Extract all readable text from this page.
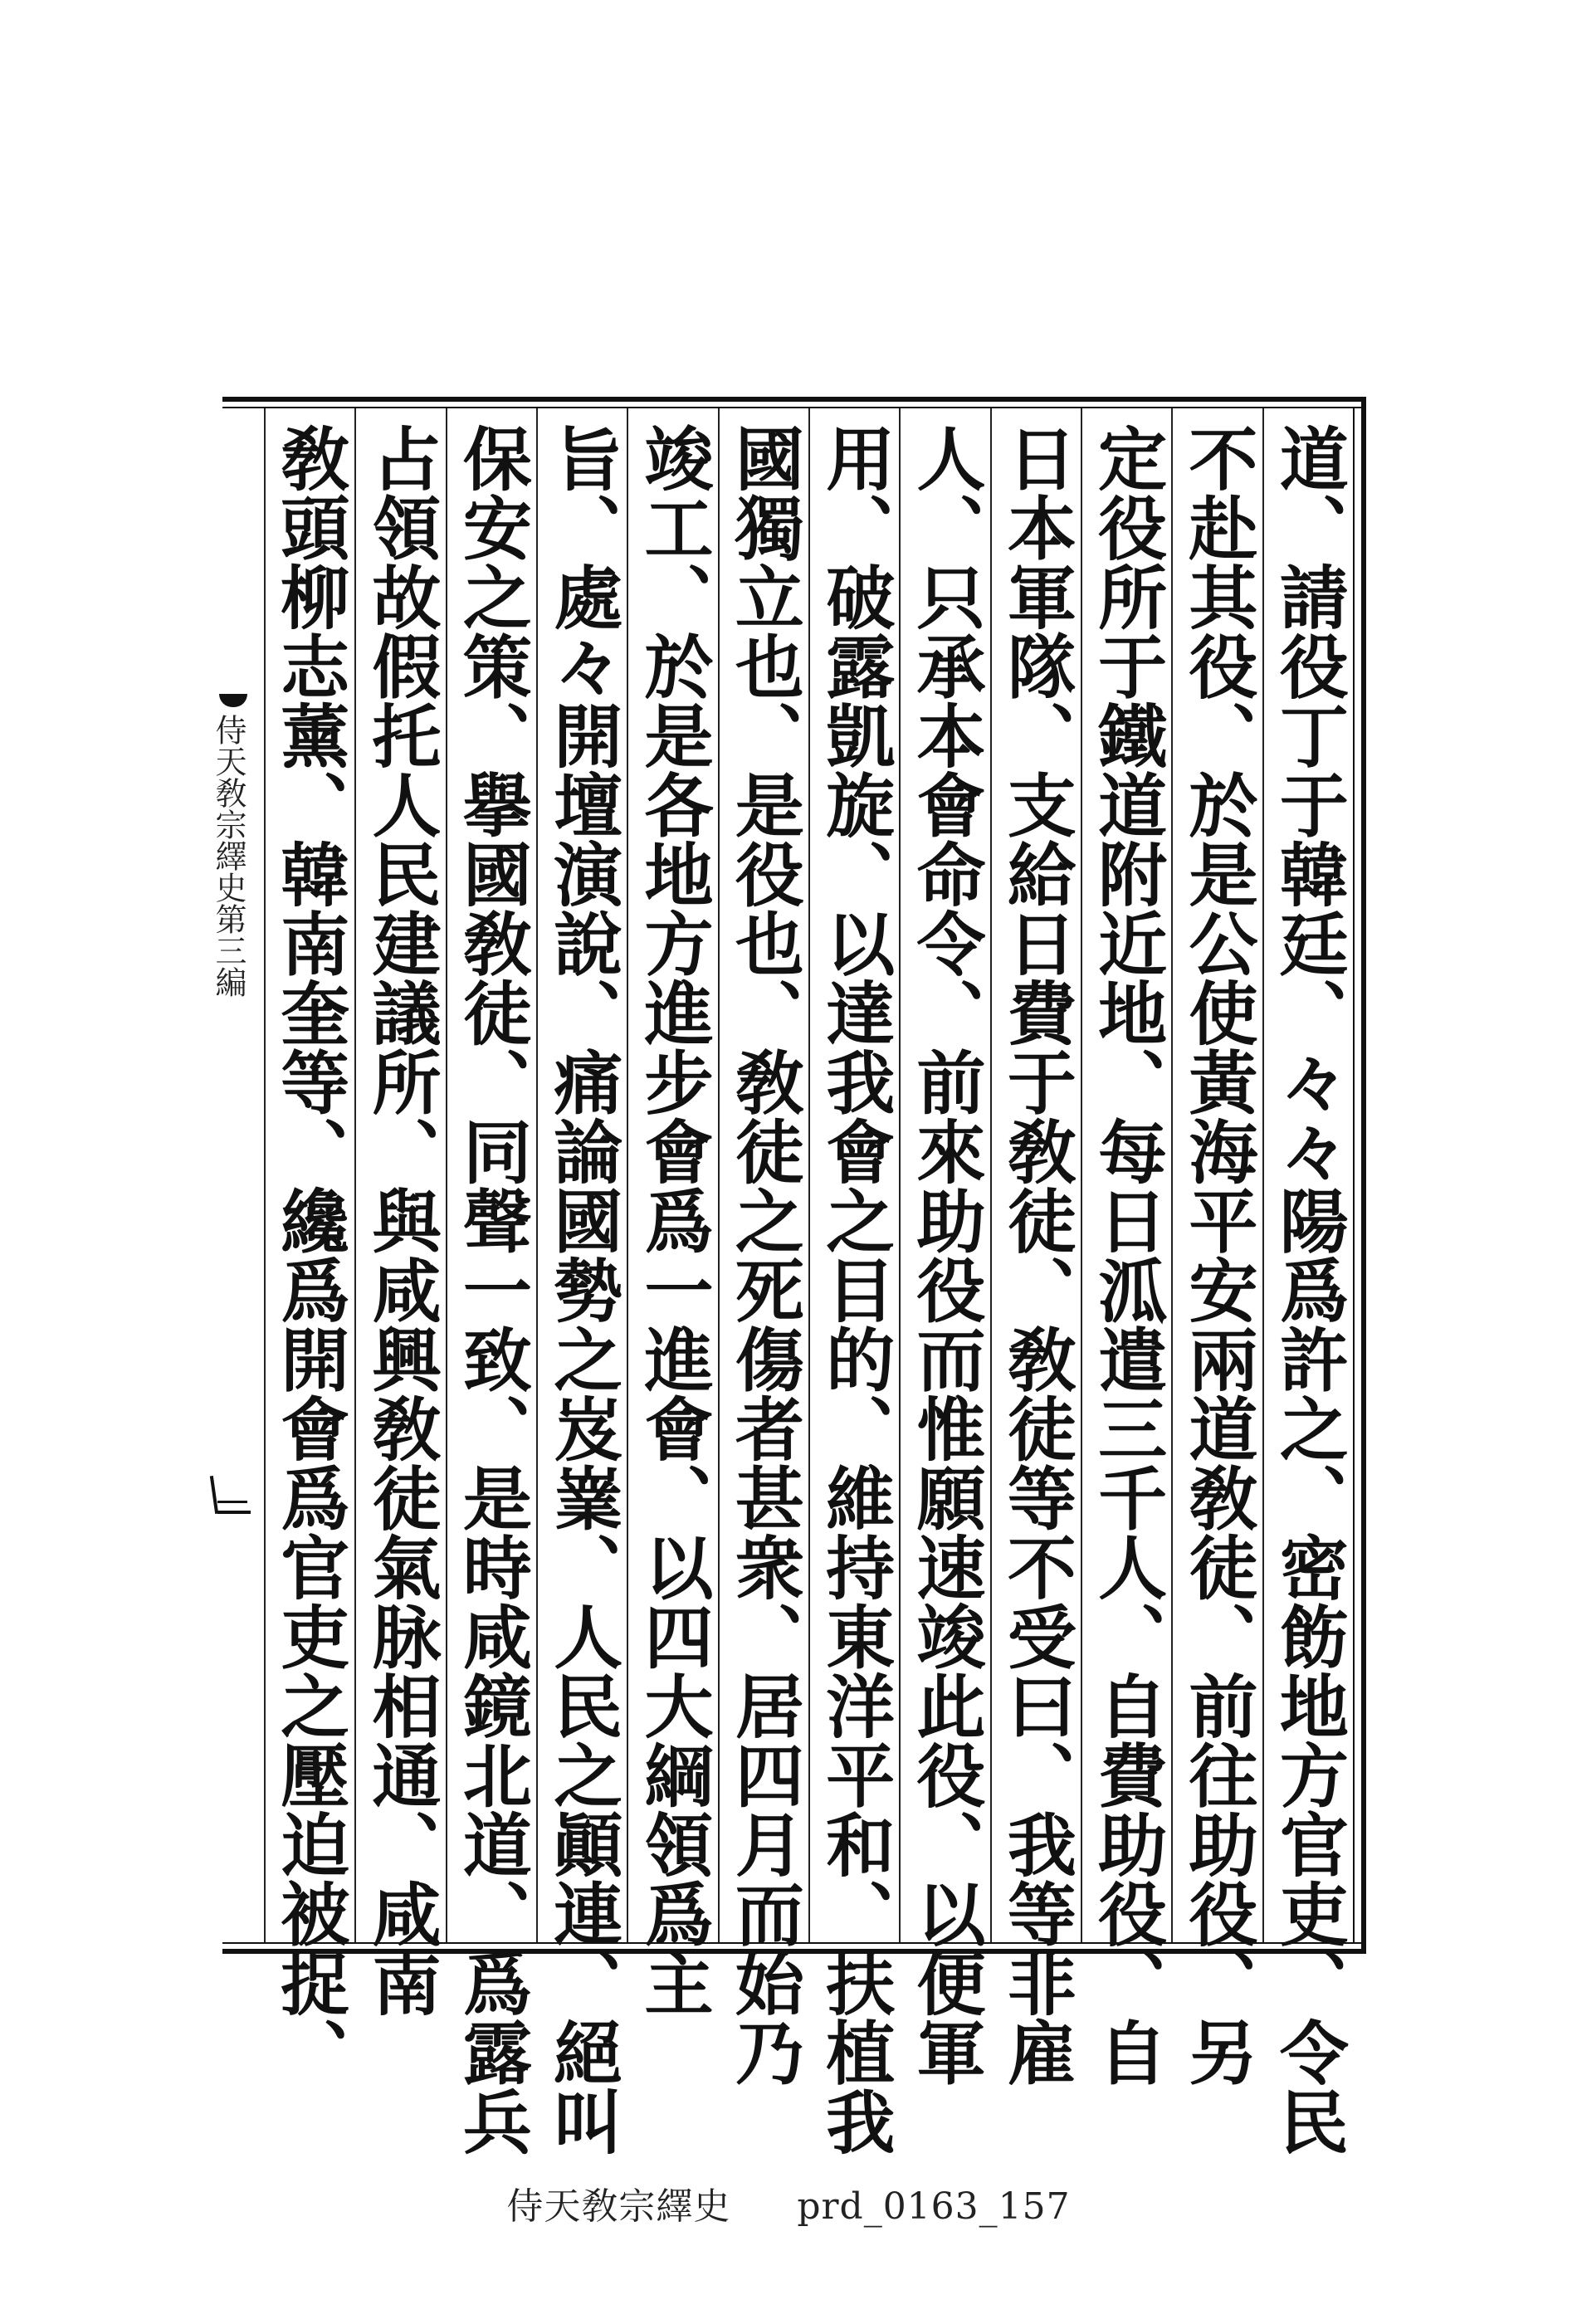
侍天敎宗繹史第三編	道、請役丁于韓廷、々々陽爲許之、密飭地方官吏、令民
不赴其役、於是公使黃海平安兩道敎徒、前往助役、另
定役所于鐵道附近地、每日泒遣三千人、自費助役、自
日本軍隊、支給日費于敎徒、敎徒等不受曰、我等非雇
人、只承本會命令、前來助役而惟願速竣此役、以便軍
用、破露凱旋、以達我會之目的、維持東洋平和、扶植我
國獨立也、是役也、敎徒之死傷者甚衆、居四月而始乃
竣工、於是各地方進步會爲一進會、以四大綱領爲主
旨、處々開壇演說、痛論國勢之岌嶪、人民之顚連、絕叫
保安之策、擧國敎徒、同聲一致、是時咸鏡北道、爲露兵
占領故假托人民建議所、與咸興敎徒氣脉相通、咸南
敎頭柳志薰、韓南奎等、纔爲開會爲官吏之壓迫被捉、
侍天敎宗繹史 prd_0163_157
